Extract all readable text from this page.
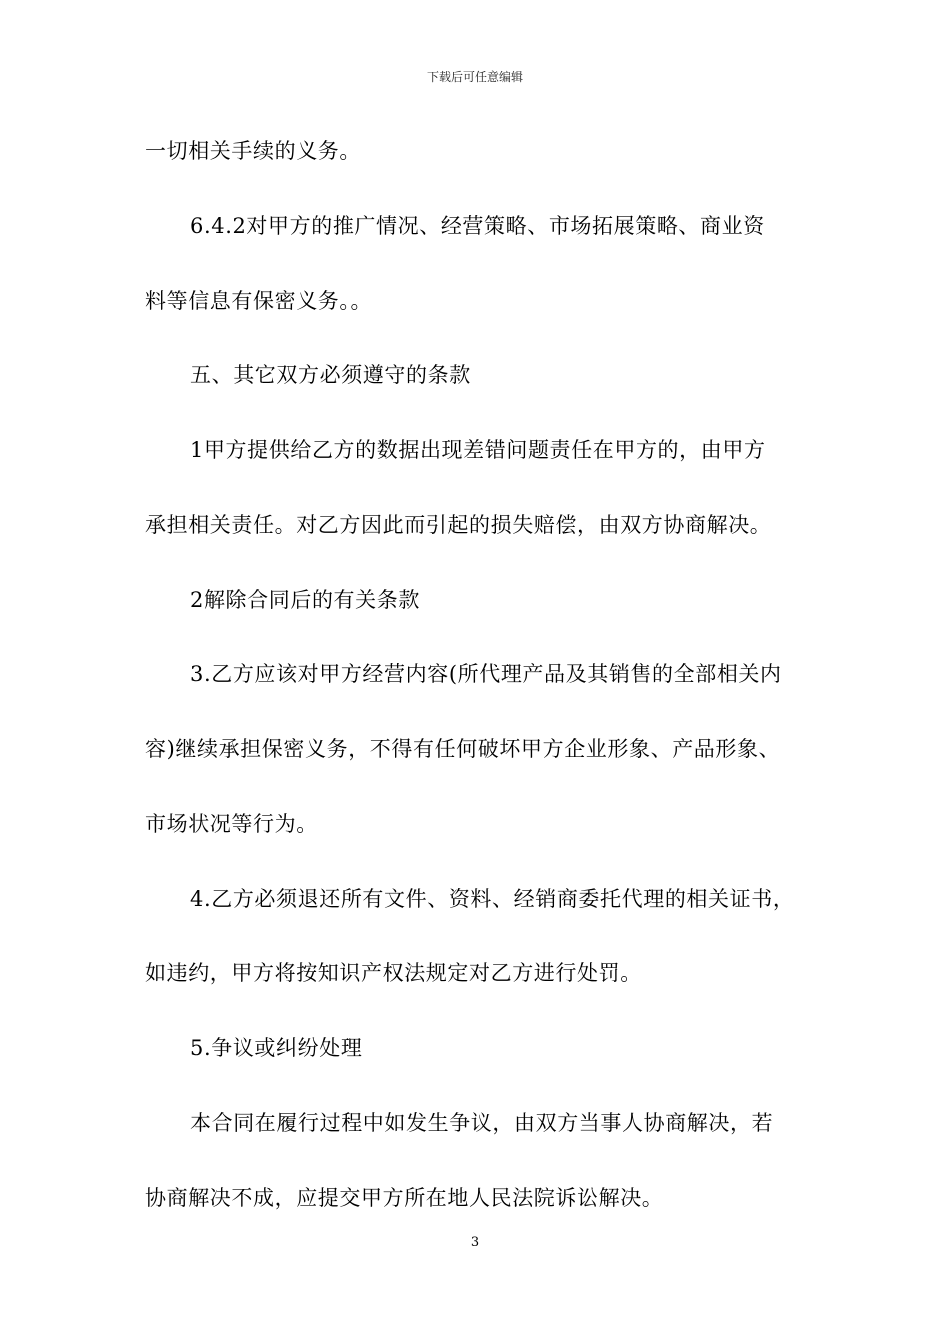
下载后可任意编辑
一切相关手续的义务。
6.4.2对甲方的推广情况、经营策略、市场拓展策略、商业资
料等信息有保密义务。。
五、其它双方必须遵守的条款
1甲方提供给乙方的数据出现差错问题责任在甲方的，由甲方
承担相关责任。对乙方因此而引起的损失赔偿，由双方协商解决。
2解除合同后的有关条款
3.乙方应该对甲方经营内容(所代理产品及其销售的全部相关内
容)继续承担保密义务，不得有任何破坏甲方企业形象、产品形象、
市场状况等行为。
4.乙方必须退还所有文件、资料、经销商委托代理的相关证书，
如违约，甲方将按知识产权法规定对乙方进行处罚。
5.争议或纠纷处理
本合同在履行过程中如发生争议，由双方当事人协商解决，若
协商解决不成，应提交甲方所在地人民法院诉讼解决。
3
